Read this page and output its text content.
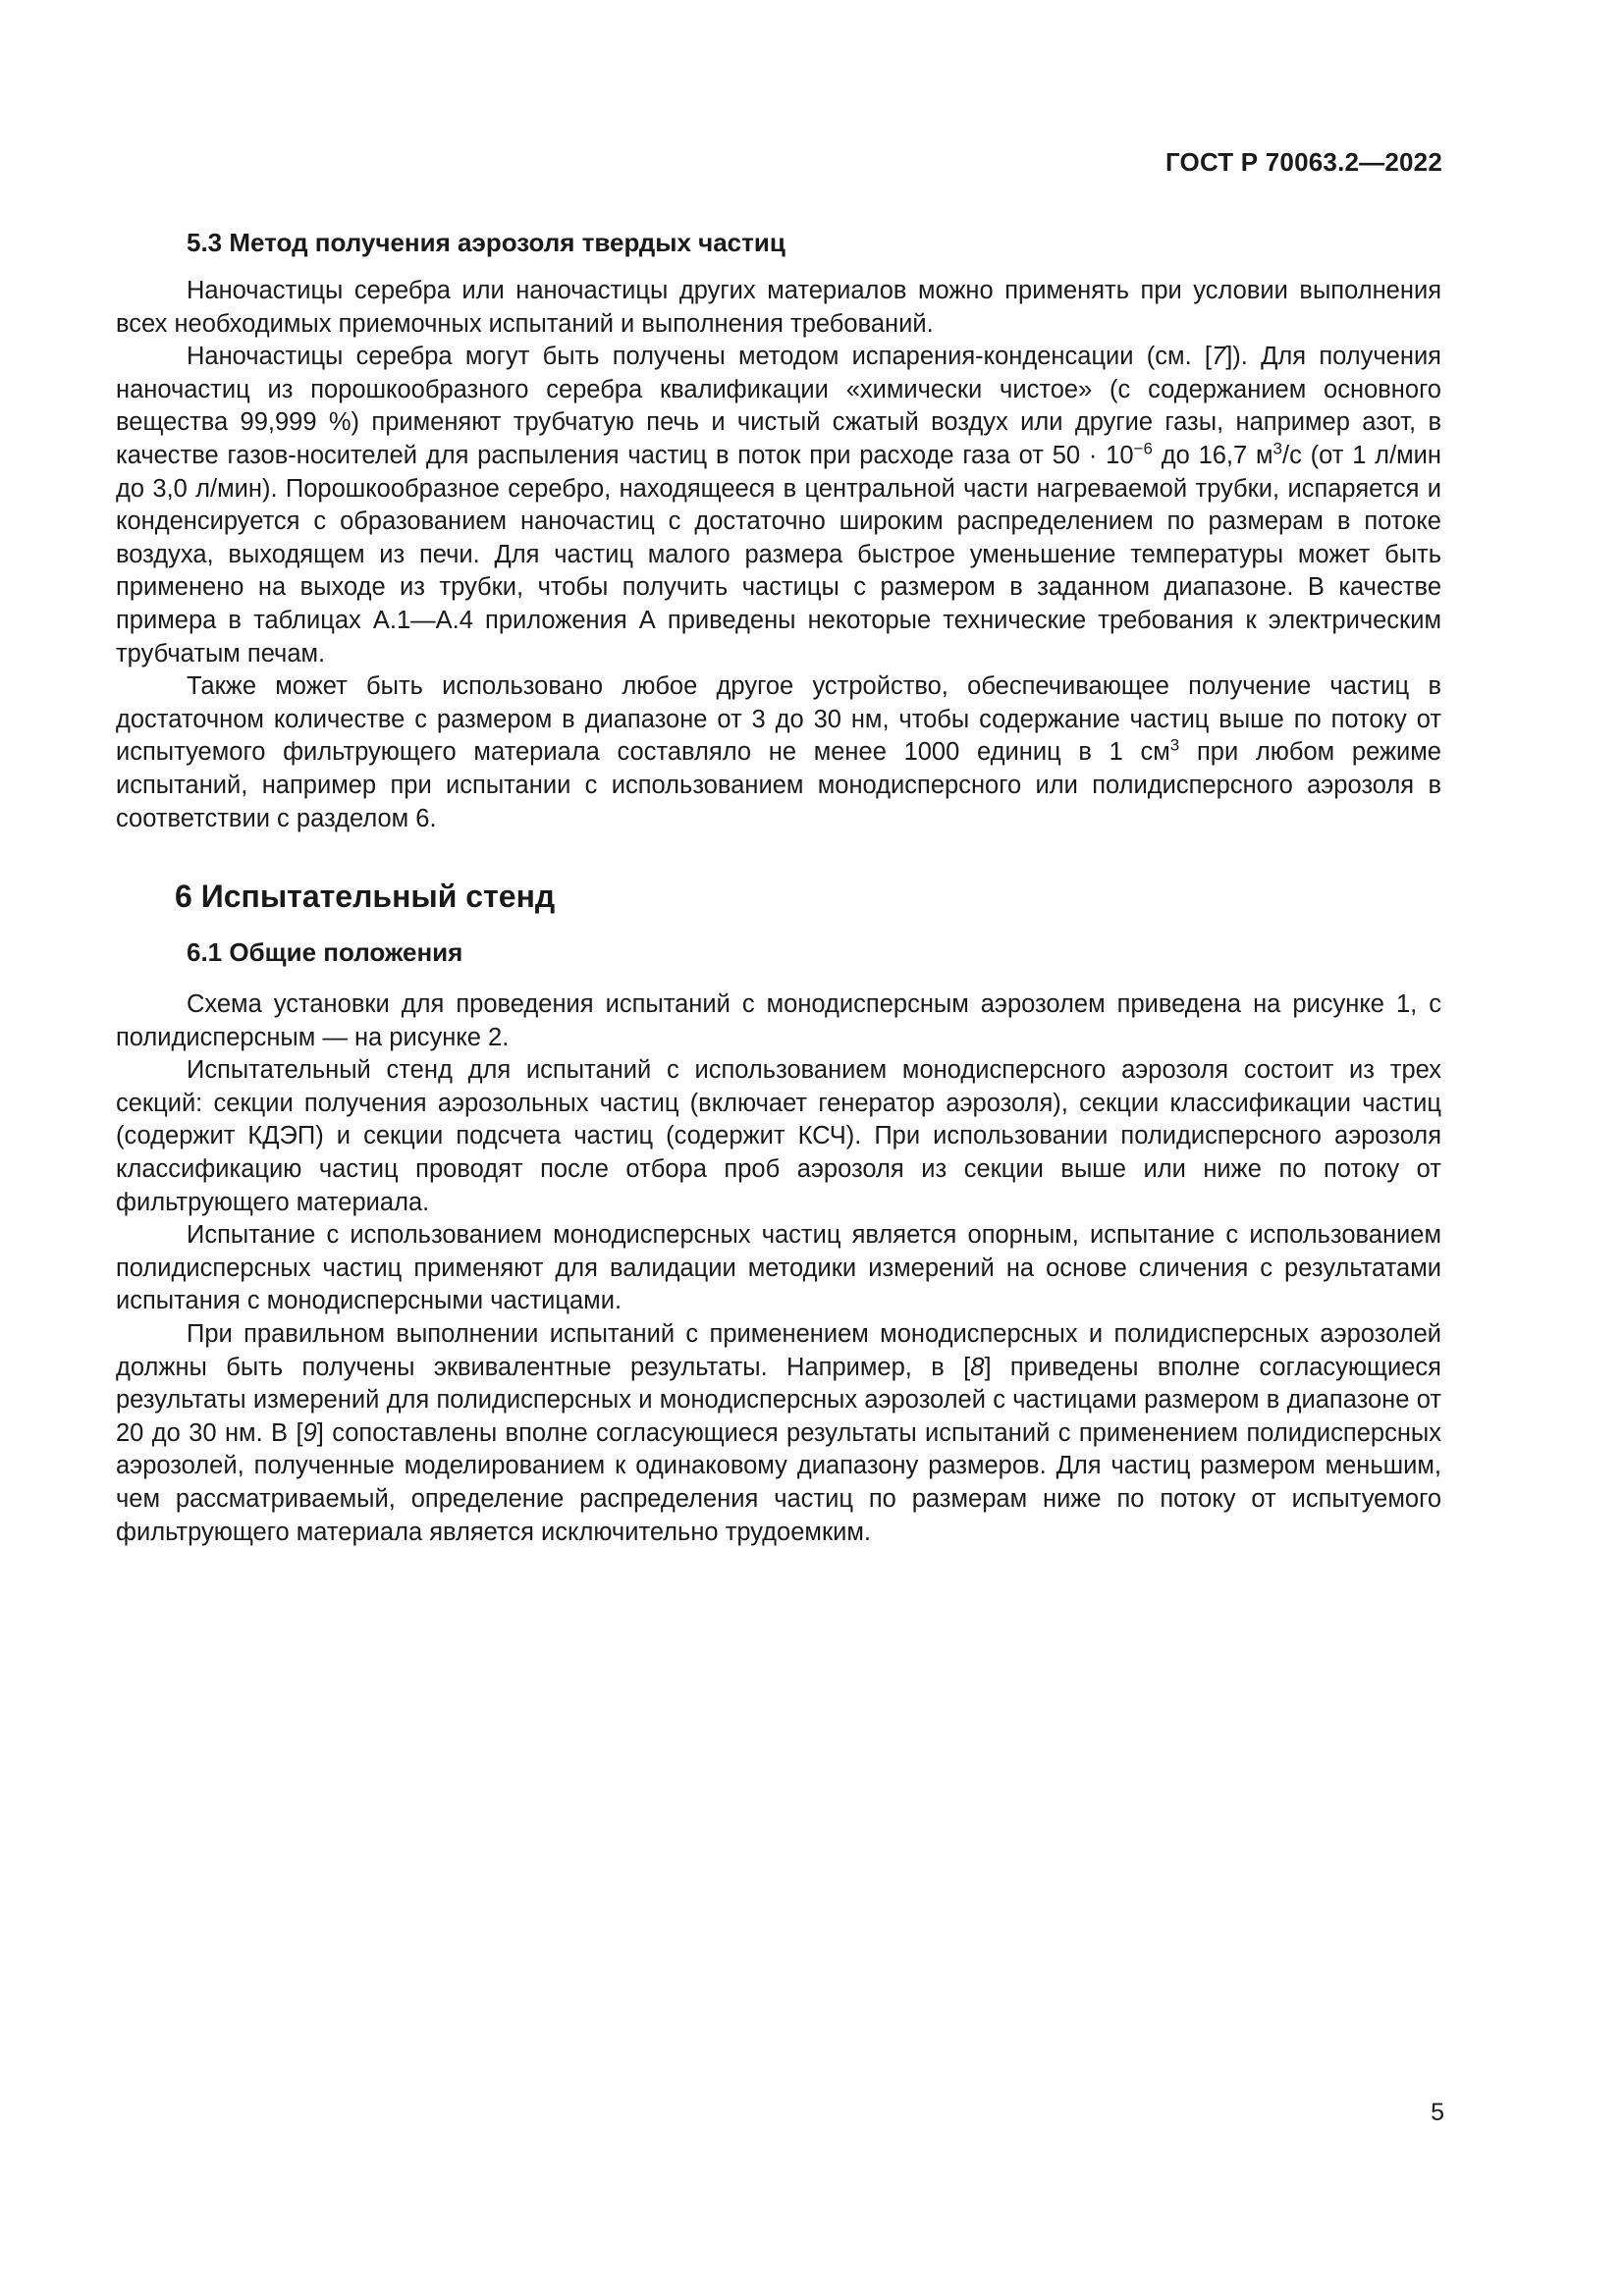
ГОСТ Р 70063.2—2022
5.3 Метод получения аэрозоля твердых частиц

Наночастицы серебра или наночастицы других материалов можно применять при условии выполнения всех необходимых приемочных испытаний и выполнения требований.

Наночастицы серебра могут быть получены методом испарения-конденсации (см. [7]). Для получения наночастиц из порошкообразного серебра квалификации «химически чистое» (с содержанием основного вещества 99,999 %) применяют трубчатую печь и чистый сжатый воздух или другие газы, например азот, в качестве газов-носителей для распыления частиц в поток при расходе газа от $50 \cdot 10^{-6}$ до 16,7 $м^3/с$ (от 1 л/мин до 3,0 л/мин). Порошкообразное серебро, находящееся в центральной части нагреваемой трубки, испаряется и конденсируется с образованием наночастиц с достаточно широким распределением по размерам в потоке воздуха, выходящем из печи. Для частиц малого размера быстрое уменьшение температуры может быть применено на выходе из трубки, чтобы получить частицы с размером в заданном диапазоне. В качестве примера в таблицах А.1—А.4 приложения А приведены некоторые технические требования к электрическим трубчатым печам.

Также может быть использовано любое другое устройство, обеспечивающее получение частиц в достаточном количестве с размером в диапазоне от 3 до 30 нм, чтобы содержание частиц выше по потоку от испытуемого фильтрующего материала составляло не менее 1000 единиц в 1 $см^3$ при любом режиме испытаний, например при испытании с использованием монодисперсного или полидисперсного аэрозоля в соответствии с разделом 6.

6 Испытательный стенд
6.1 Общие положения

Схема установки для проведения испытаний с монодисперсным аэрозолем приведена на рисунке 1, с полидисперсным — на рисунке 2.

Испытательный стенд для испытаний с использованием монодисперсного аэрозоля состоит из трех секций: секции получения аэрозольных частиц (включает генератор аэрозоля), секции классификации частиц (содержит КДЭП) и секции подсчета частиц (содержит КСЧ). При использовании полидисперсного аэрозоля классификацию частиц проводят после отбора проб аэрозоля из секции выше или ниже по потоку от фильтрующего материала.

Испытание с использованием монодисперсных частиц является опорным, испытание с использованием полидисперсных частиц применяют для валидации методики измерений на основе сличения с результатами испытания с монодисперсными частицами.

При правильном выполнении испытаний с применением монодисперсных и полидисперсных аэрозолей должны быть получены эквивалентные результаты. Например, в [8] приведены вполне согласующиеся результаты измерений для полидисперсных и монодисперсных аэрозолей с частицами размером в диапазоне от 20 до 30 нм. В [9] сопоставлены вполне согласующиеся результаты испытаний с применением полидисперсных аэрозолей, полученные моделированием к одинаковому диапазону размеров. Для частиц размером меньшим, чем рассматриваемый, определение распределения частиц по размерам ниже по потоку от испытуемого фильтрующего материала является исключительно трудоемким.

5
